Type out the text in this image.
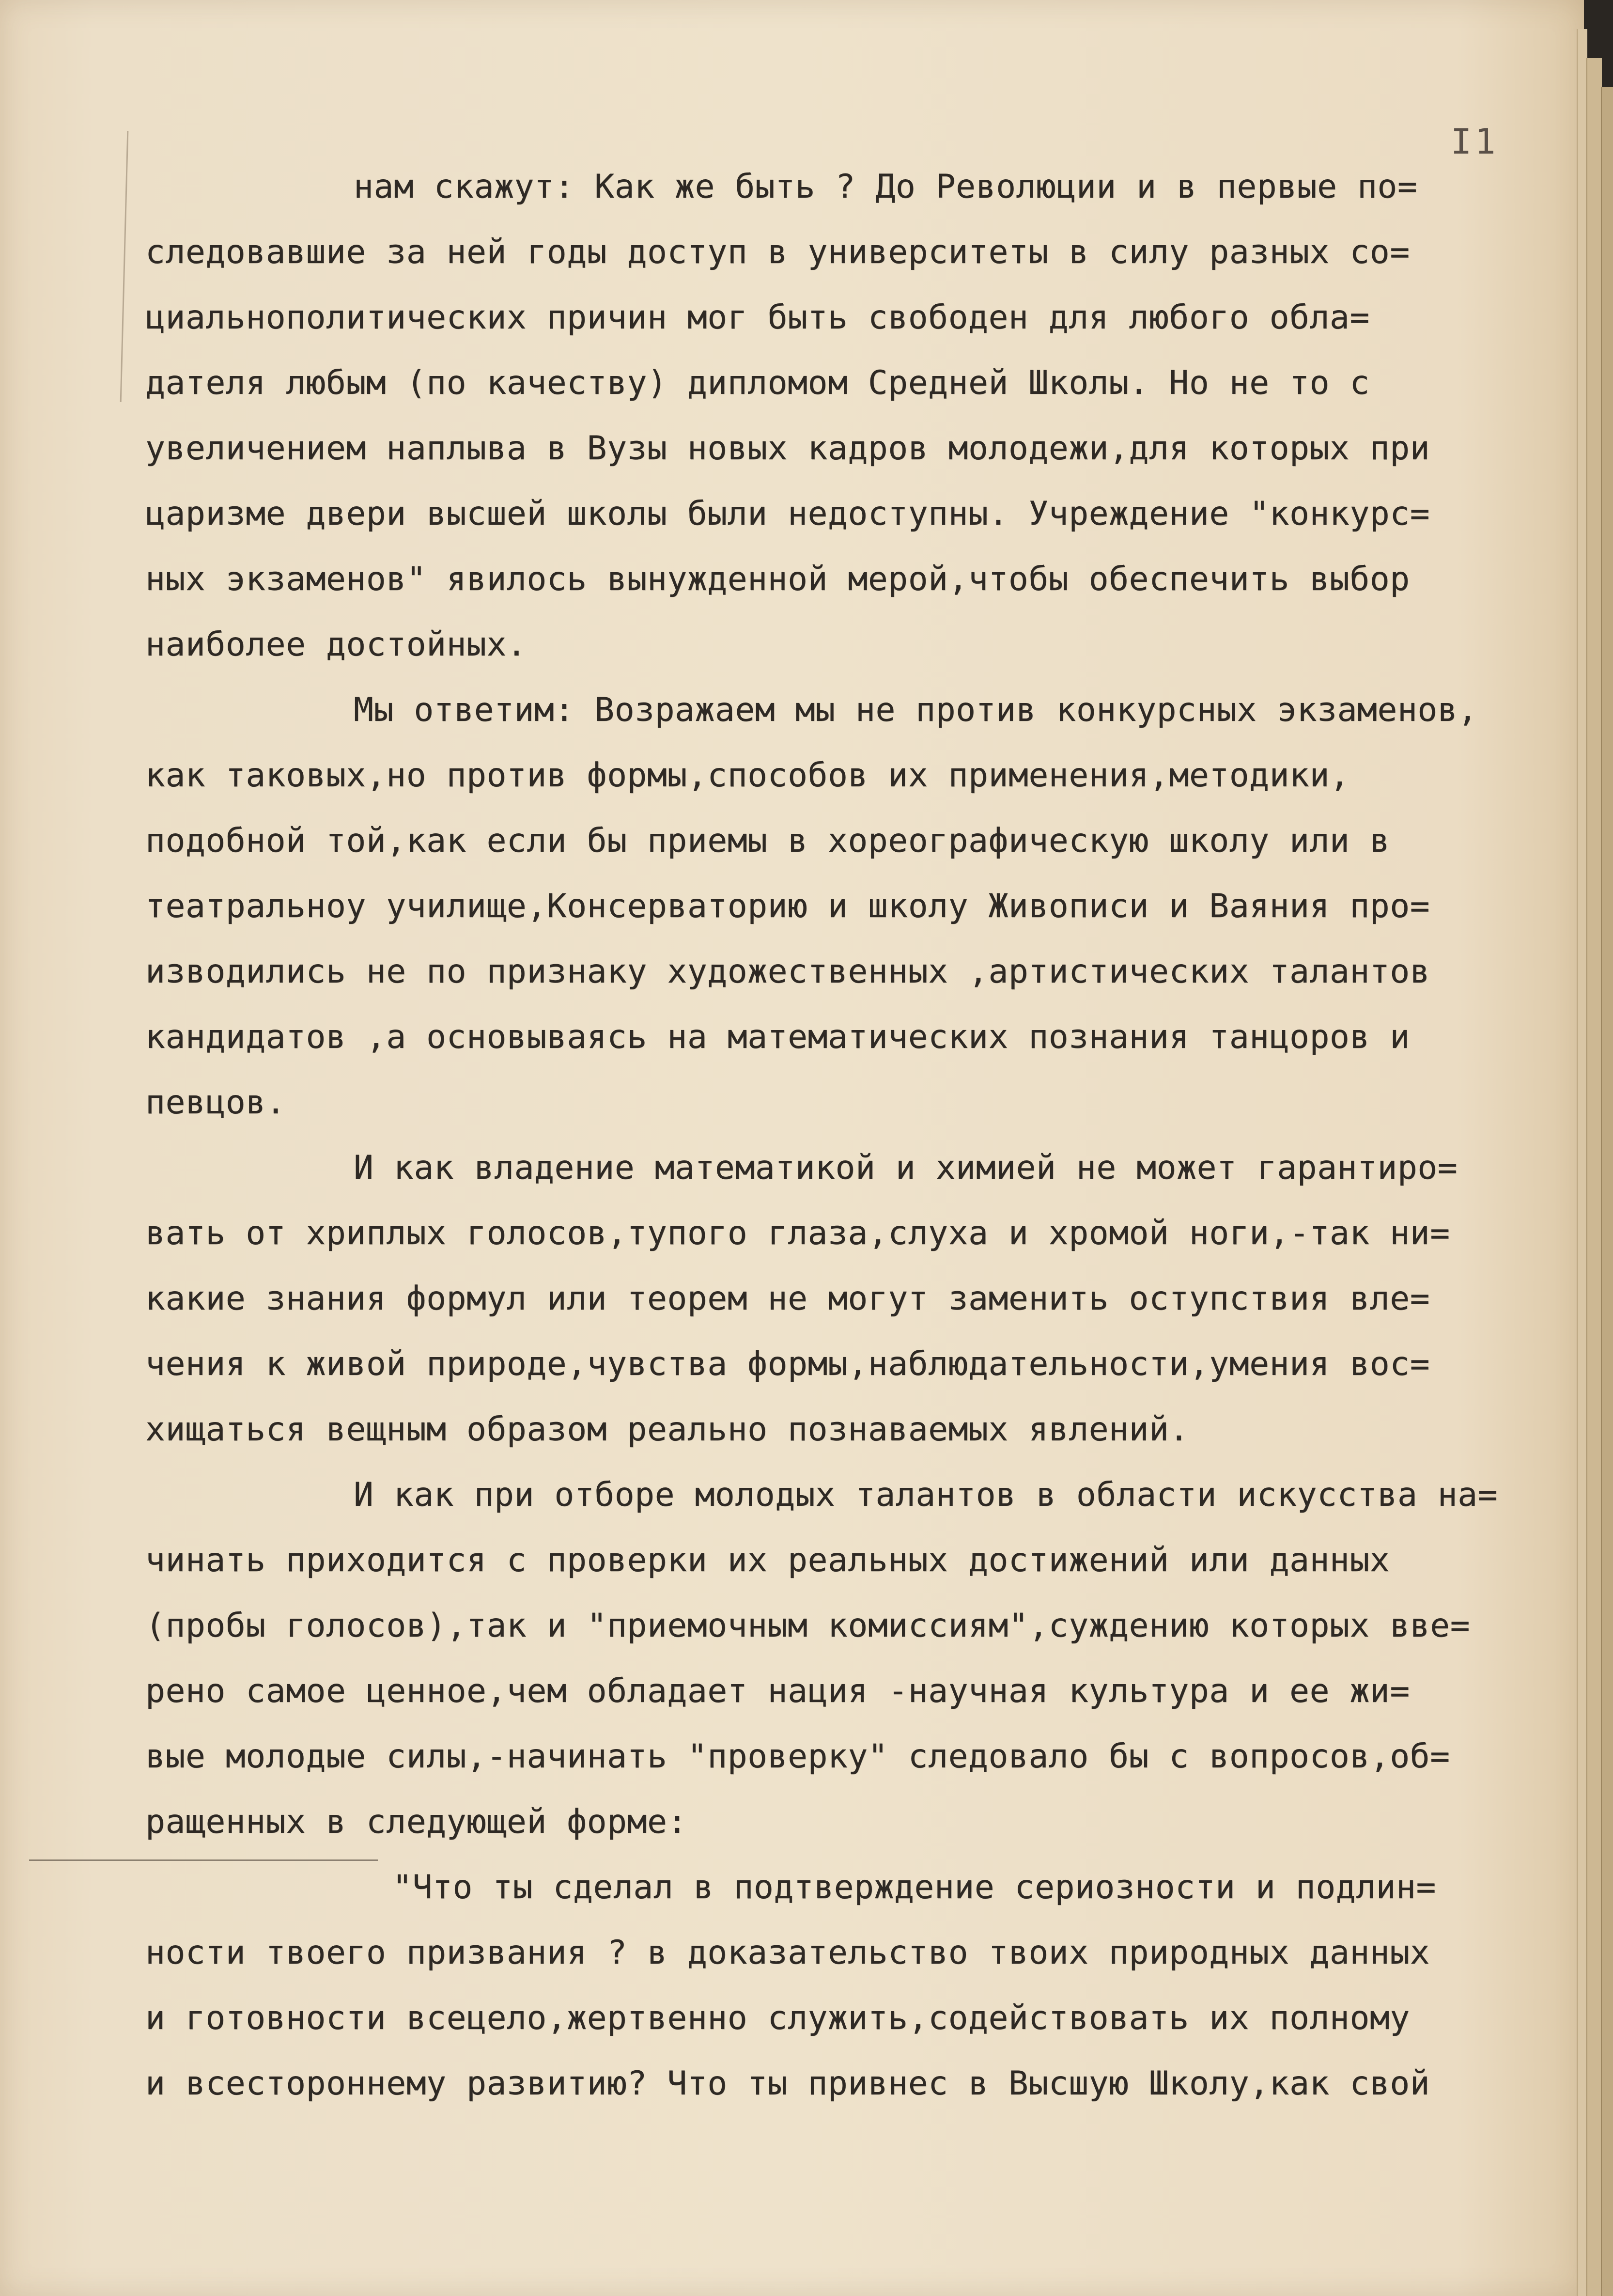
I1
нам скажут: Как же быть ? До Революции и в первые по=
следовавшие за ней годы доступ в университеты в силу разных со=
циальнополитических причин мог быть свободен для любого обла=
дателя любым (по качеству) дипломом Средней Школы. Но не то с
увеличением наплыва в Вузы новых кадров молодежи,для которых при
царизме двери высшей школы были недоступны. Учреждение "конкурс=
ных экзаменов" явилось вынужденной мерой,чтобы обеспечить выбор
наиболее достойных.
Мы ответим: Возражаем мы не против конкурсных экзаменов,
как таковых,но против формы,способов их применения,методики,
подобной той,как если бы приемы в хореографическую школу или в
театральноу училище,Консерваторию и школу Живописи и Ваяния про=
изводились не по признаку художественных ,артистических талантов
кандидатов ,а основываясь на математических познания танцоров и
певцов.
И как владение математикой и химией не может гарантиро=
вать от хриплых голосов,тупого глаза,слуха и хромой ноги,-так ни=
какие знания формул или теорем не могут заменить оступствия вле=
чения к живой природе,чувства формы,наблюдательности,умения вос=
хищаться вещным образом реально познаваемых явлений.
И как при отборе молодых талантов в области искусства на=
чинать приходится с проверки их реальных достижений или данных
(пробы голосов),так и "приемочным комиссиям",суждению которых вве=
рено самое ценное,чем обладает нация -научная культура и ее жи=
вые молодые силы,-начинать "проверку" следовало бы с вопросов,об=
ращенных в следующей форме:
"Что ты сделал в подтверждение сериозности и подлин=
ности твоего призвания ? в доказательство твоих природных данных
и готовности всецело,жертвенно служить,содействовать их полному
и всестороннему развитию? Что ты привнес в Высшую Школу,как свой
